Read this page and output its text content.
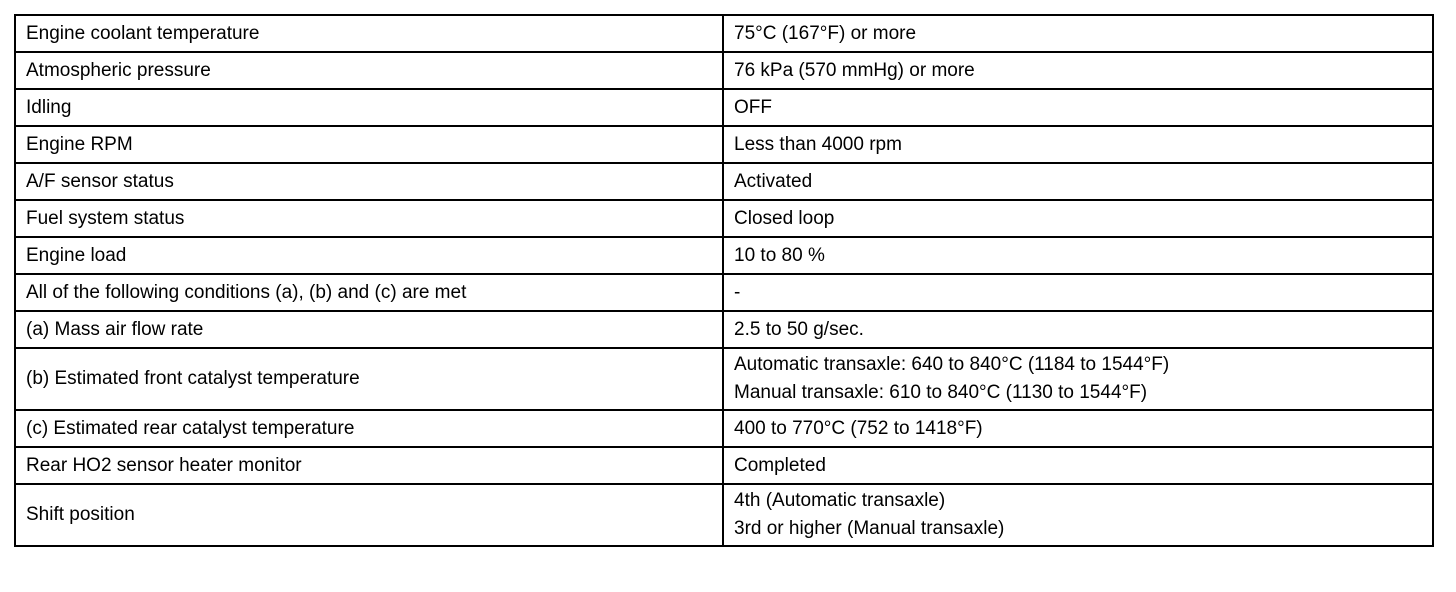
Engine coolant temperature	75°C (167°F) or more

Atmospheric pressure	76 kPa (570 mmHg) or more

Idling	OFF

Engine RPM	Less than 4000 rpm

A/F sensor status	Activated

Fuel system status	Closed loop

Engine load	10 to 80 %

All of the following conditions (a), (b) and (c) are met	-

(a) Mass air flow rate	2.5 to 50 g/sec.

(b) Estimated front catalyst temperature	Automatic transaxle: 640 to 840°C (1184 to 1544°F)
Manual transaxle: 610 to 840°C (1130 to 1544°F)

(c) Estimated rear catalyst temperature	400 to 770°C (752 to 1418°F)

Rear HO2 sensor heater monitor	Completed

Shift position	4th (Automatic transaxle)
3rd or higher (Manual transaxle)
